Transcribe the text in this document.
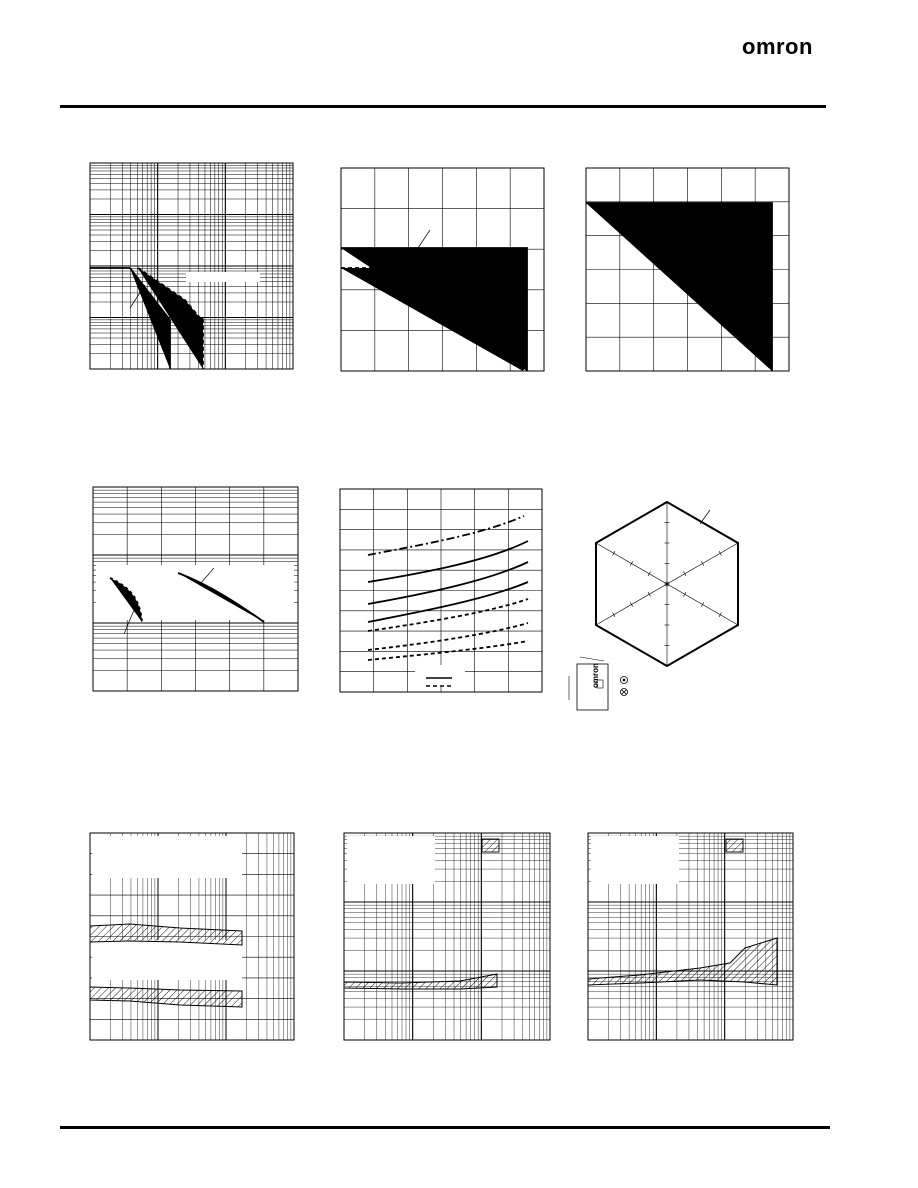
omron
omron
